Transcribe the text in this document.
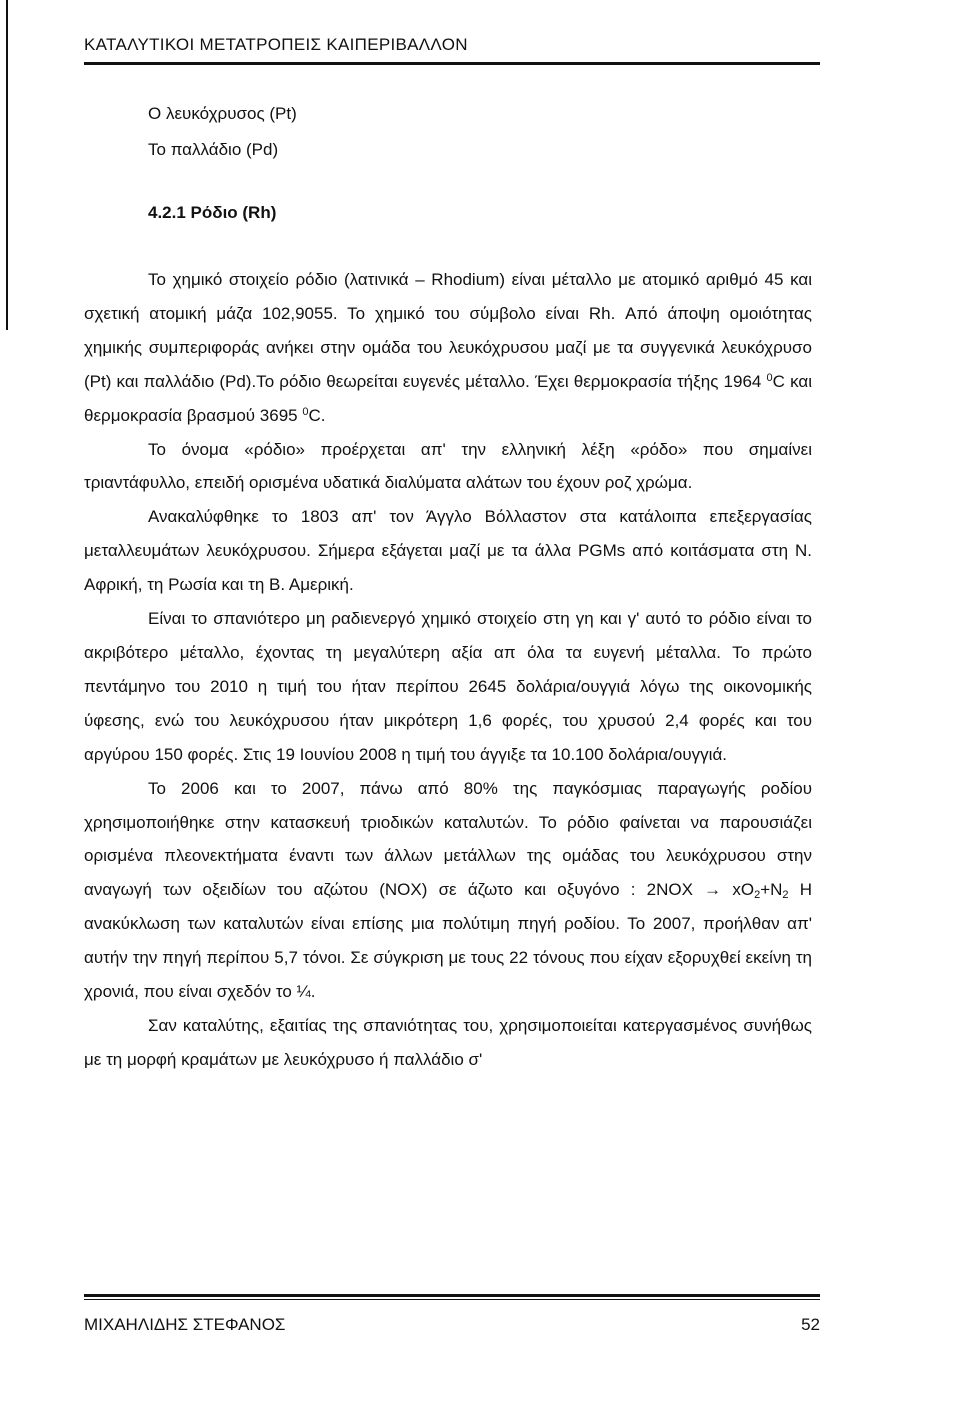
ΚΑΤΑΛΥΤΙΚΟΙ ΜΕΤΑΤΡΟΠΕΙΣ ΚΑΙΠΕΡΙΒΑΛΛΟΝ
Ο λευκόχρυσος (Pt)
Το παλλάδιο (Pd)
4.2.1 Ρόδιο (Rh)

Το χημικό στοιχείο ρόδιο (λατινικά – Rhodium) είναι μέταλλο με ατομικό αριθμό 45 και σχετική ατομική μάζα 102,9055. Το χημικό του σύμβολο είναι Rh. Από άποψη ομοιότητας χημικής συμπεριφοράς ανήκει στην ομάδα του λευκόχρυσου μαζί με τα συγγενικά λευκόχρυσο (Pt) και παλλάδιο (Pd).Το ρόδιο θεωρείται ευγενές μέταλλο. Έχει θερμοκρασία τήξης 1964 $^0$C και θερμοκρασία βρασμού 3695 $^0$C.

Το όνομα «ρόδιο» προέρχεται απ' την ελληνική λέξη «ρόδο» που σημαίνει τριαντάφυλλο, επειδή ορισμένα υδατικά διαλύματα αλάτων του έχουν ροζ χρώμα.

Ανακαλύφθηκε το 1803 απ' τον Άγγλο Βόλλαστον στα κατάλοιπα επεξεργασίας μεταλλευμάτων λευκόχρυσου. Σήμερα εξάγεται μαζί με τα άλλα PGMs από κοιτάσματα στη Ν. Αφρική, τη Ρωσία και τη Β. Αμερική.

Είναι το σπανιότερο μη ραδιενεργό χημικό στοιχείο στη γη και γ' αυτό το ρόδιο είναι το ακριβότερο μέταλλο, έχοντας τη μεγαλύτερη αξία απ όλα τα ευγενή μέταλλα. Το πρώτο πεντάμηνο του 2010 η τιμή του ήταν περίπου 2645 δολάρια/ουγγιά λόγω της οικονομικής ύφεσης, ενώ του λευκόχρυσου ήταν μικρότερη 1,6 φορές, του χρυσού 2,4 φορές και του αργύρου 150 φορές. Στις 19 Ιουνίου 2008 η τιμή του άγγιξε τα 10.100 δολάρια/ουγγιά.

Το 2006 και το 2007, πάνω από 80% της παγκόσμιας παραγωγής ροδίου χρησιμοποιήθηκε στην κατασκευή τριοδικών καταλυτών. Το ρόδιο φαίνεται να παρουσιάζει ορισμένα πλεονεκτήματα έναντι των άλλων μετάλλων της ομάδας του λευκόχρυσου στην αναγωγή των οξειδίων του αζώτου (NOX) σε άζωτο και οξυγόνο : $2NOX \to xO_2+N_2$ Η ανακύκλωση των καταλυτών είναι επίσης μια πολύτιμη πηγή ροδίου. Το 2007, προήλθαν απ' αυτήν την πηγή περίπου 5,7 τόνοι. Σε σύγκριση με τους 22 τόνους που είχαν εξορυχθεί εκείνη τη χρονιά, που είναι σχεδόν το ¼.

Σαν καταλύτης, εξαιτίας της σπανιότητας του, χρησιμοποιείται κατεργασμένος συνήθως με τη μορφή κραμάτων με λευκόχρυσο ή παλλάδιο σ'

ΜΙΧΑΗΛΙΔΗΣ ΣΤΕΦΑΝΟΣ	52
